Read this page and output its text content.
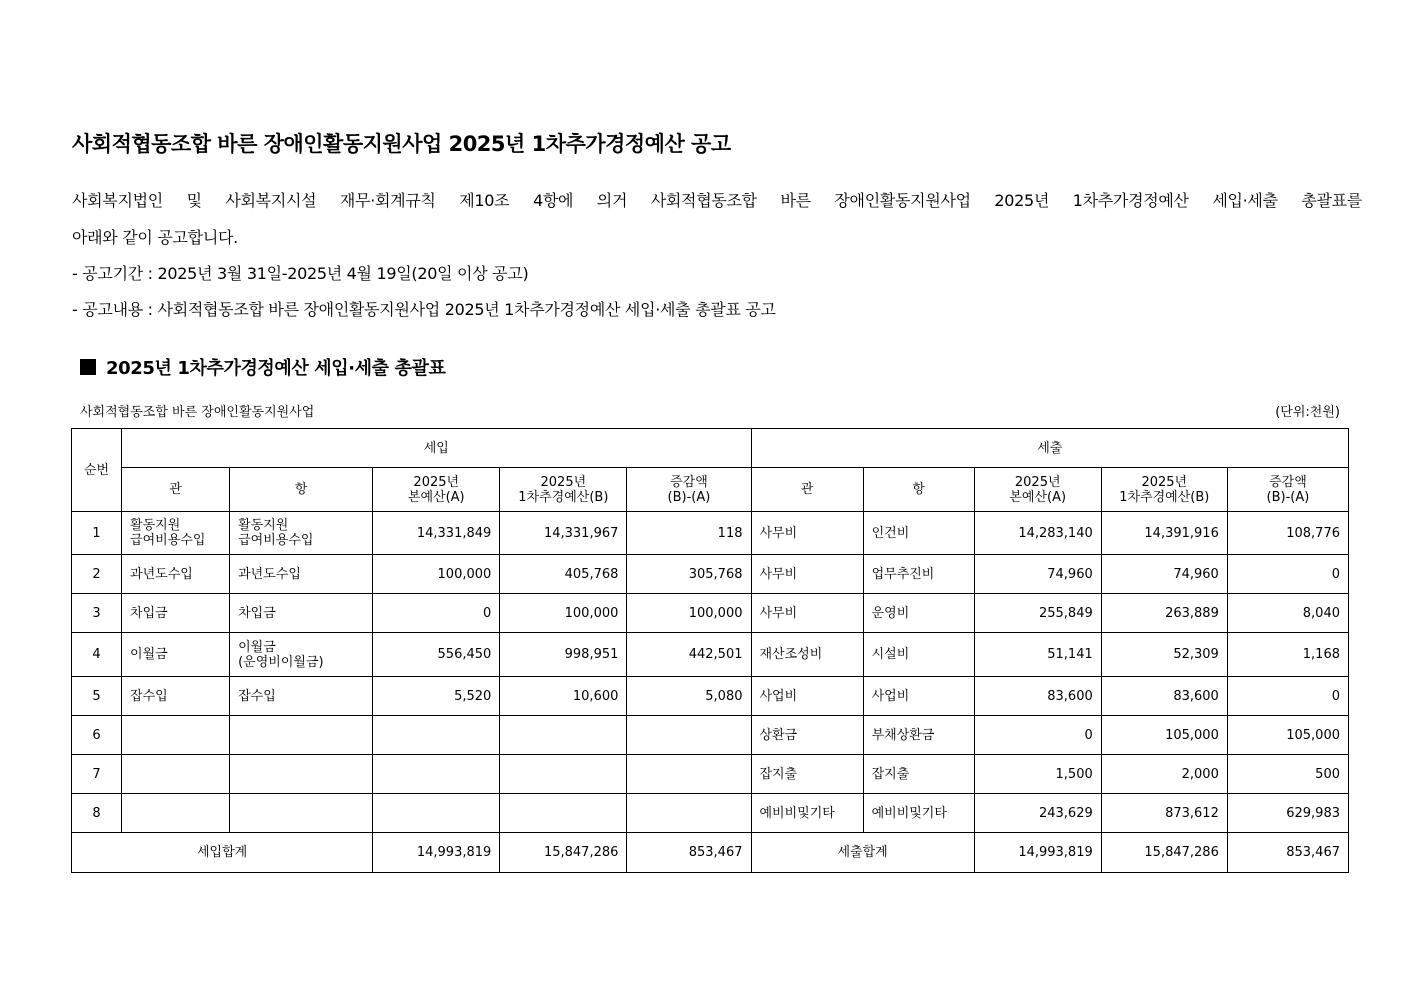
사회적협동조합 바른 장애인활동지원사업 2025년 1차추가경정예산 공고

사회복지법인 및 사회복지시설 재무·회계규칙 제10조 4항에 의거 사회적협동조합 바른 장애인활동지원사업 2025년 1차추가경정예산 세입·세출 총괄표를

아래와 같이 공고합니다.

- 공고기간 : 2025년 3월 31일-2025년 4월 19일(20일 이상 공고)

- 공고내용 : 사회적협동조합 바른 장애인활동지원사업 2025년 1차추가경정예산 세입·세출 총괄표 공고

2025년 1차추가경정예산 세입·세출 총괄표

사회적협동조합 바른 장애인활동지원사업	(단위:천원)

순번	세입					세출				
	관	항	2025년
본예산(A)	2025년
1차추경예산(B)	증감액
(B)-(A)	관	항	2025년
본예산(A)	2025년
1차추경예산(B)	증감액
(B)-(A)
1	활동지원
급여비용수입	활동지원
급여비용수입	14,331,849	14,331,967	118	사무비	인건비	14,283,140	14,391,916	108,776
2	과년도수입	과년도수입	100,000	405,768	305,768	사무비	업무추진비	74,960	74,960	0
3	차입금	차입금	0	100,000	100,000	사무비	운영비	255,849	263,889	8,040
4	이월금	이월금
(운영비이월금)	556,450	998,951	442,501	재산조성비	시설비	51,141	52,309	1,168
5	잡수입	잡수입	5,520	10,600	5,080	사업비	사업비	83,600	83,600	0
6						상환금	부채상환금	0	105,000	105,000
7						잡지출	잡지출	1,500	2,000	500
8						예비비및기타	예비비및기타	243,629	873,612	629,983
세입합계			14,993,819	15,847,286	853,467	세출합계		14,993,819	15,847,286	853,467
